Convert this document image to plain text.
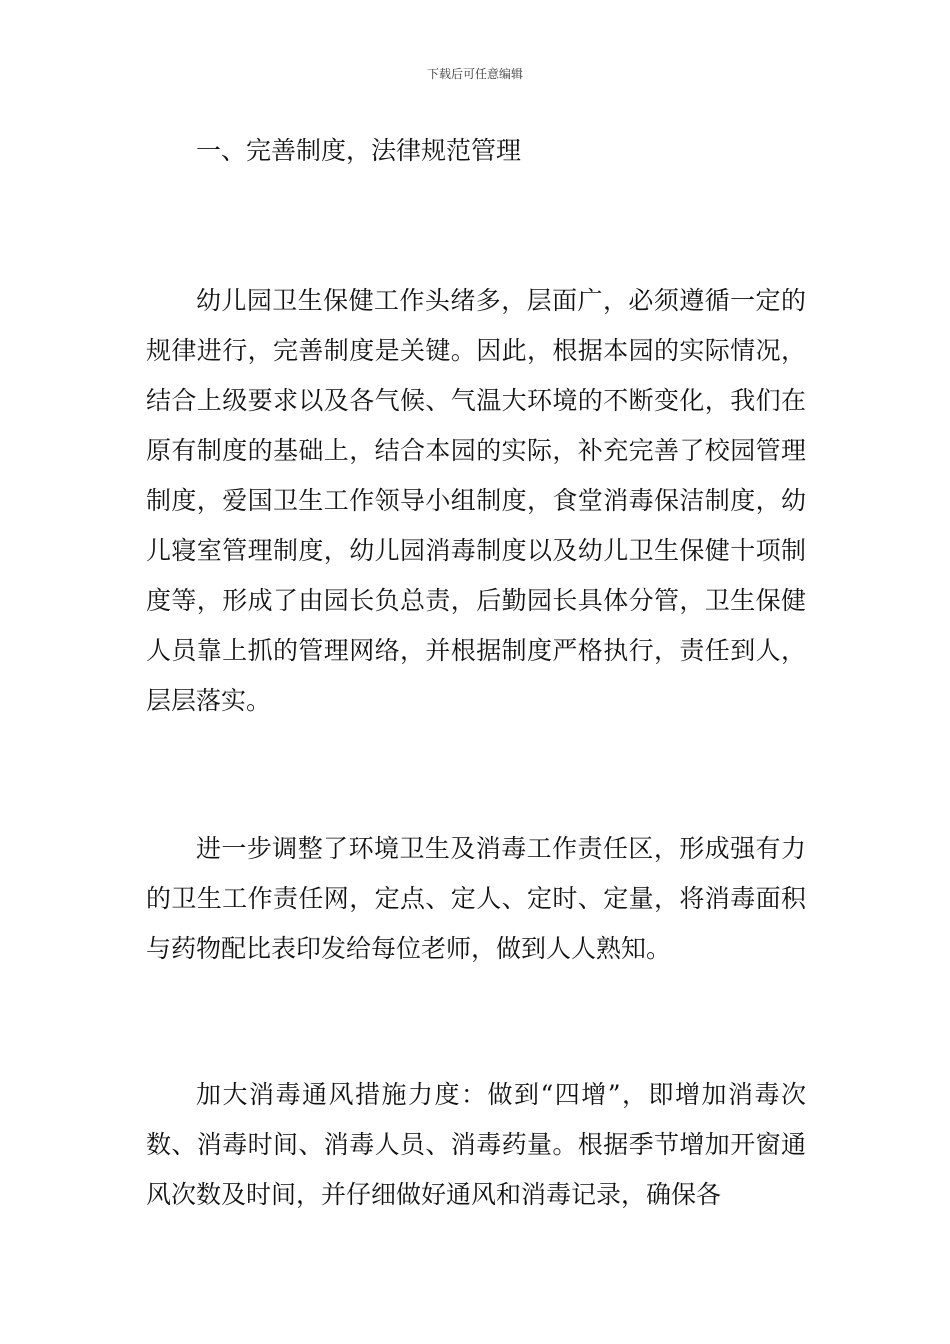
下载后可任意编辑
一、完善制度，法律规范管理

幼儿园卫生保健工作头绪多，层面广，必须遵循一定的规律进行，完善制度是关键。因此，根据本园的实际情况，结合上级要求以及各气候、气温大环境的不断变化，我们在原有制度的基础上，结合本园的实际，补充完善了校园管理制度，爱国卫生工作领导小组制度，食堂消毒保洁制度，幼儿寝室管理制度，幼儿园消毒制度以及幼儿卫生保健十项制度等，形成了由园长负总责，后勤园长具体分管，卫生保健人员靠上抓的管理网络，并根据制度严格执行，责任到人，层层落实。

进一步调整了环境卫生及消毒工作责任区，形成强有力的卫生工作责任网，定点、定人、定时、定量，将消毒面积与药物配比表印发给每位老师，做到人人熟知。

加大消毒通风措施力度：做到“四增”，即增加消毒次数、消毒时间、消毒人员、消毒药量。根据季节增加开窗通风次数及时间，并仔细做好通风和消毒记录，确保各
